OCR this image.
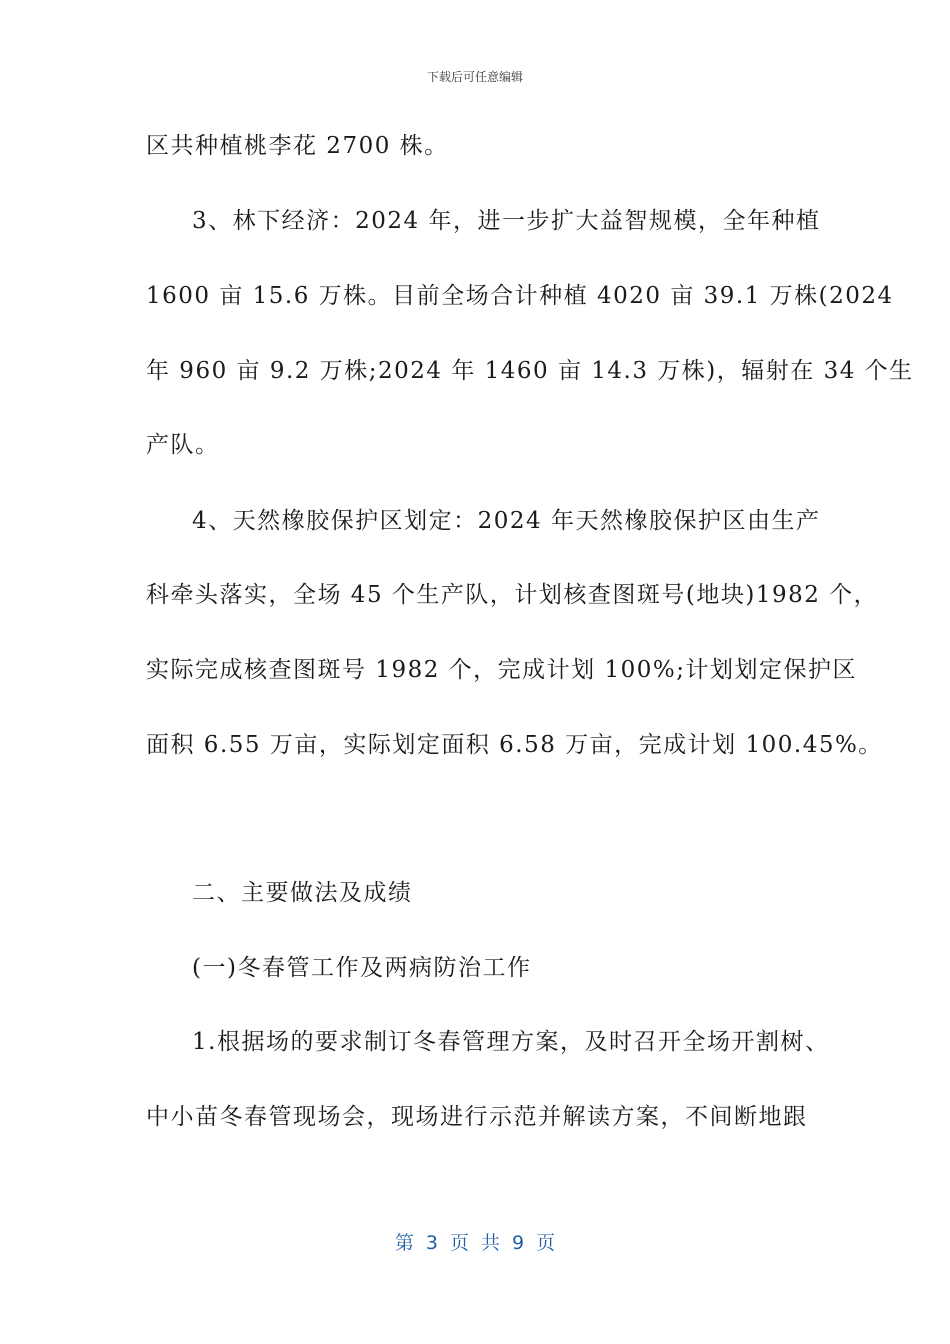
下载后可任意编辑
区共种植桃李花 2700 株。
3、林下经济：2024 年，进一步扩大益智规模，全年种植
1600 亩 15.6 万株。目前全场合计种植 4020 亩 39.1 万株(2024
年 960 亩 9.2 万株;2024 年 1460 亩 14.3 万株)，辐射在 34 个生
产队。
4、天然橡胶保护区划定：2024 年天然橡胶保护区由生产
科牵头落实，全场 45 个生产队，计划核查图斑号(地块)1982 个，
实际完成核查图斑号 1982 个，完成计划 100%;计划划定保护区
面积 6.55 万亩，实际划定面积 6.58 万亩，完成计划 100.45%。
二、主要做法及成绩
(一)冬春管工作及两病防治工作
1.根据场的要求制订冬春管理方案，及时召开全场开割树、
中小苗冬春管现场会，现场进行示范并解读方案，不间断地跟
第 3 页 共 9 页
